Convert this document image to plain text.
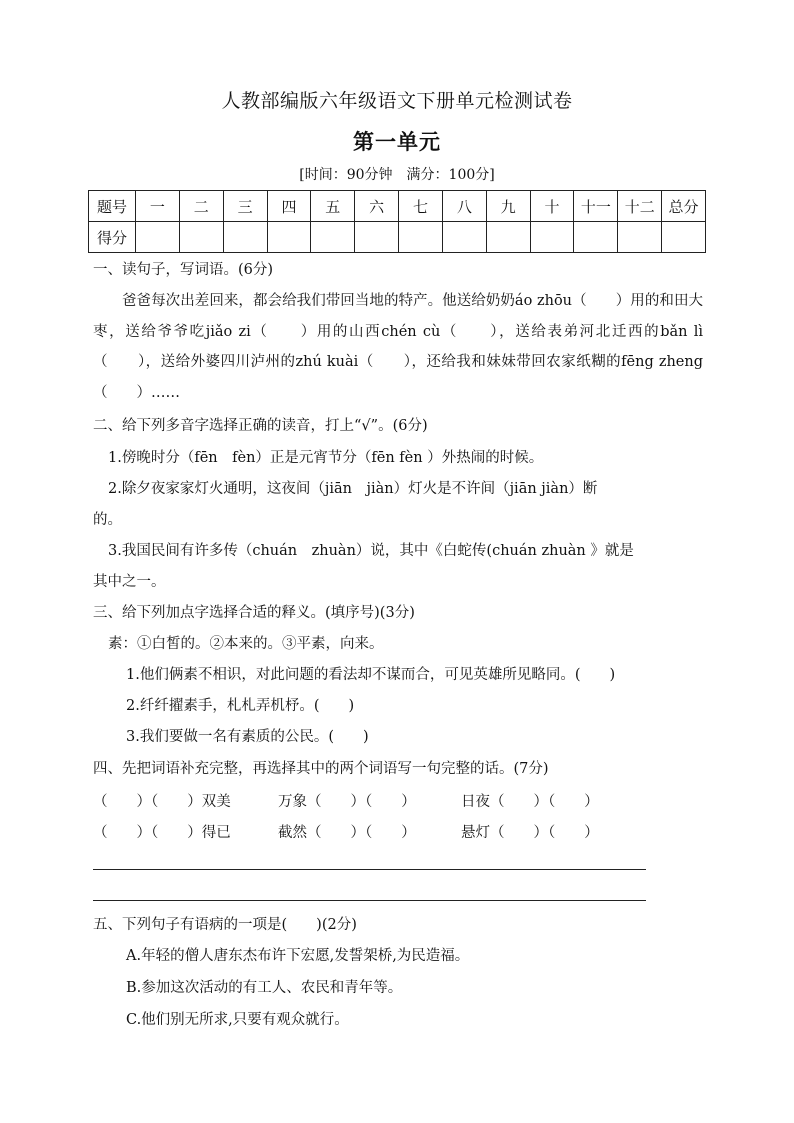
人教部编版六年级语文下册单元检测试卷
第一单元
[时间：90分钟　满分：100分]
题号	一	二	三	四	五	六	七	八	九	十	十一	十二	总分
得分													
一、读句子，写词语。(6分)
爸爸每次出差回来，都会给我们带回当地的特产。他送给奶奶áo zhōu（　　）用的和田大枣，送给爷爷吃jiǎo zi（　　）用的山西chén cù（　　），送给表弟河北迁西的bǎn lì（　　），送给外婆四川泸州的zhú kuài（　　），还给我和妹妹带回农家纸糊的fēng zheng（　　）……
二、给下列多音字选择正确的读音，打上“√”。(6分)
1.傍晚时分（fēn　fèn）正是元宵节分（fēn fèn ）外热闹的时候。
2.除夕夜家家灯火通明，这夜间（jiān　jiàn）灯火是不许间（jiān jiàn）断
的。
3.我国民间有许多传（chuán　zhuàn）说，其中《白蛇传(chuán zhuàn 》就是
其中之一。
三、给下列加点字选择合适的释义。(填序号)(3分)
素：①白皙的。②本来的。③平素，向来。
1.他们俩素不相识，对此问题的看法却不谋而合，可见英雄所见略同。(　　)
2.纤纤擢素手，札札弄机杼。(　　)
3.我们要做一名有素质的公民。(　　)
四、先把词语补充完整，再选择其中的两个词语写一句完整的话。(7分)
（　　）（　　）双美	万象（　　）（　　）	日夜（　　）（　　）
（　　）（　　）得已	截然（　　）（　　）	悬灯（　　）（　　）
五、下列句子有语病的一项是(　　)(2分)
A.年轻的僧人唐东杰布许下宏愿,发誓架桥,为民造福。
B.参加这次活动的有工人、农民和青年等。
C.他们别无所求,只要有观众就行。
